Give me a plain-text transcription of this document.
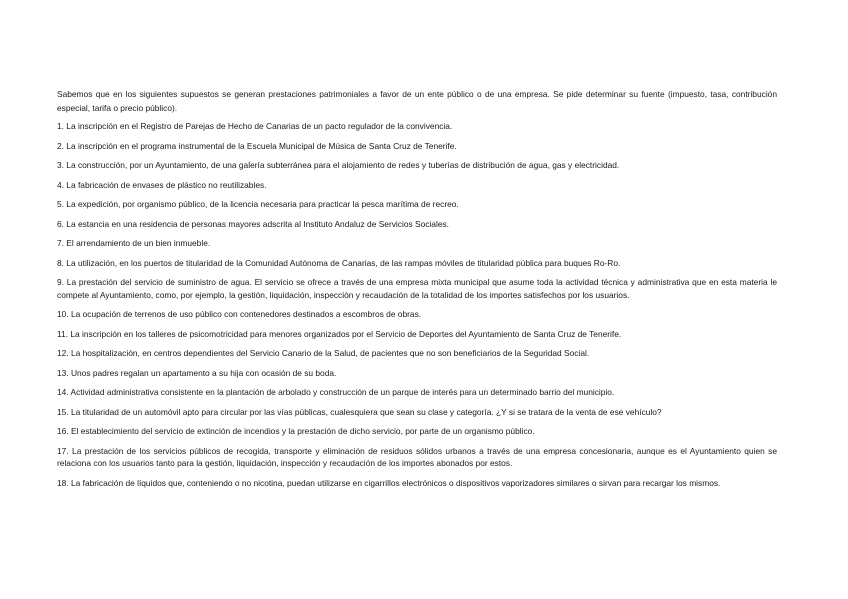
Sabemos que en los siguientes supuestos se generan prestaciones patrimoniales a favor de un ente público o de una empresa. Se pide determinar su fuente (impuesto, tasa, contribución especial, tarifa o precio público).

1. La inscripción en el Registro de Parejas de Hecho de Canarias de un pacto regulador de la convivencia.

2. La inscripción en el programa instrumental de la Escuela Municipal de Música de Santa Cruz de Tenerife.

3. La construcción, por un Ayuntamiento, de una galería subterránea para el alojamiento de redes y tuberías de distribución de agua, gas y electricidad.

4. La fabricación de envases de plástico no reutilizables.

5. La expedición, por organismo público, de la licencia necesaria para practicar la pesca marítima de recreo.

6. La estancia en una residencia de personas mayores adscrita al Instituto Andaluz de Servicios Sociales.

7. El arrendamiento de un bien inmueble.

8. La utilización, en los puertos de titularidad de la Comunidad Autónoma de Canarias, de las rampas móviles de titularidad pública para buques Ro-Ro.

9. La prestación del servicio de suministro de agua. El servicio se ofrece a través de una empresa mixta municipal que asume toda la actividad técnica y administrativa que en esta materia le compete al Ayuntamiento, como, por ejemplo, la gestión, liquidación, inspección y recaudación de la totalidad de los importes satisfechos por los usuarios.

10. La ocupación de terrenos de uso público con contenedores destinados a escombros de obras.

11. La inscripción en los talleres de psicomotricidad para menores organizados por el Servicio de Deportes del Ayuntamiento de Santa Cruz de Tenerife.

12. La hospitalización, en centros dependientes del Servicio Canario de la Salud, de pacientes que no son beneficiarios de la Seguridad Social.

13. Unos padres regalan un apartamento a su hija con ocasión de su boda.

14. Actividad administrativa consistente en la plantación de arbolado y construcción de un parque de interés para un determinado barrio del municipio.

15. La titularidad de un automóvil apto para circular por las vías públicas, cualesquiera que sean su clase y categoría. ¿Y si se tratara de la venta de ese vehículo?

16. El establecimiento del servicio de extinción de incendios y la prestación de dicho servicio, por parte de un organismo público.

17. La prestación de los servicios públicos de recogida, transporte y eliminación de residuos sólidos urbanos a través de una empresa concesionaria, aunque es el Ayuntamiento quien se relaciona con los usuarios tanto para la gestión, liquidación, inspección y recaudación de los importes abonados por estos.

18. La fabricación de líquidos que, conteniendo o no nicotina, puedan utilizarse en cigarrillos electrónicos o dispositivos vaporizadores similares o sirvan para recargar los mismos.
